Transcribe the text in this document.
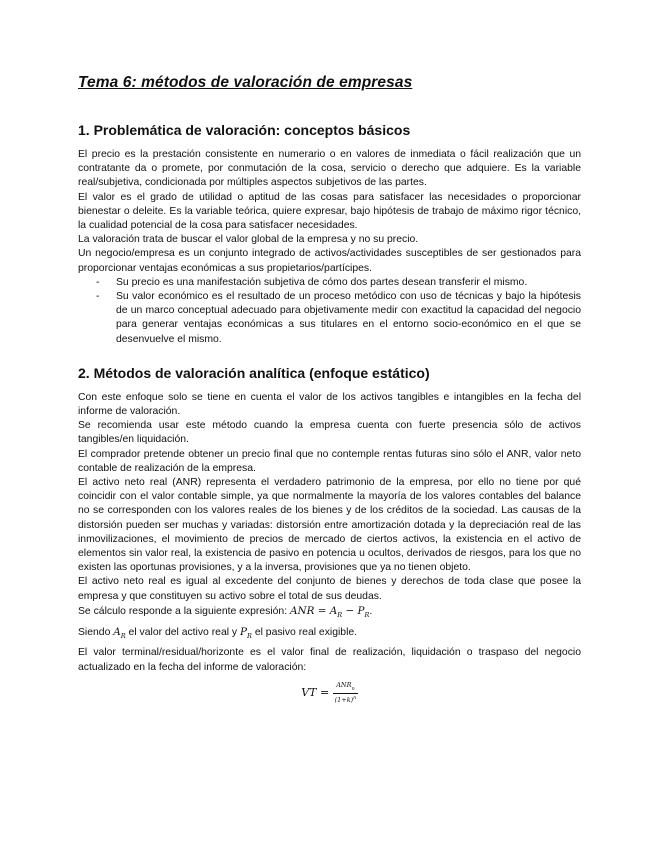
Tema 6: métodos de valoración de empresas
1. Problemática de valoración: conceptos básicos

El precio es la prestación consistente en numerario o en valores de inmediata o fácil realización que un contratante da o promete, por conmutación de la cosa, servicio o derecho que adquiere. Es la variable real/subjetiva, condicionada por múltiples aspectos subjetivos de las partes.

El valor es el grado de utilidad o aptitud de las cosas para satisfacer las necesidades o proporcionar bienestar o deleite. Es la variable teórica, quiere expresar, bajo hipótesis de trabajo de máximo rigor técnico, la cualidad potencial de la cosa para satisfacer necesidades.

La valoración trata de buscar el valor global de la empresa y no su precio.

Un negocio/empresa es un conjunto integrado de activos/actividades susceptibles de ser gestionados para proporcionar ventajas económicas a sus propietarios/partícipes.

- Su precio es una manifestación subjetiva de cómo dos partes desean transferir el mismo.
- Su valor económico es el resultado de un proceso metódico con uso de técnicas y bajo la hipótesis de un marco conceptual adecuado para objetivamente medir con exactitud la capacidad del negocio para generar ventajas económicas a sus titulares en el entorno socio-económico en el que se desenvuelve el mismo.
2. Métodos de valoración analítica (enfoque estático)

Con este enfoque solo se tiene en cuenta el valor de los activos tangibles e intangibles en la fecha del informe de valoración.

Se recomienda usar este método cuando la empresa cuenta con fuerte presencia sólo de activos tangibles/en liquidación.

El comprador pretende obtener un precio final que no contemple rentas futuras sino sólo el ANR, valor neto contable de realización de la empresa.

El activo neto real (ANR) representa el verdadero patrimonio de la empresa, por ello no tiene por qué coincidir con el valor contable simple, ya que normalmente la mayoría de los valores contables del balance no se corresponden con los valores reales de los bienes y de los créditos de la sociedad. Las causas de la distorsión pueden ser muchas y variadas: distorsión entre amortización dotada y la depreciación real de las inmovilizaciones, el movimiento de precios de mercado de ciertos activos, la existencia en el activo de elementos sin valor real, la existencia de pasivo en potencia u ocultos, derivados de riesgos, para los que no existen las oportunas provisiones, y a la inversa, provisiones que ya no tienen objeto.

El activo neto real es igual al excedente del conjunto de bienes y derechos de toda clase que posee la empresa y que constituyen su activo sobre el total de sus deudas.

Se cálculo responde a la siguiente expresión: ANR = $A_R - P_R$.

Siendo $A_R$ el valor del activo real y $P_R$ el pasivo real exigible.

El valor terminal/residual/horizonte es el valor final de realización, liquidación o traspaso del negocio actualizado en la fecha del informe de valoración:

VT = $\frac{ANR_n}{(1+k)^n}$
